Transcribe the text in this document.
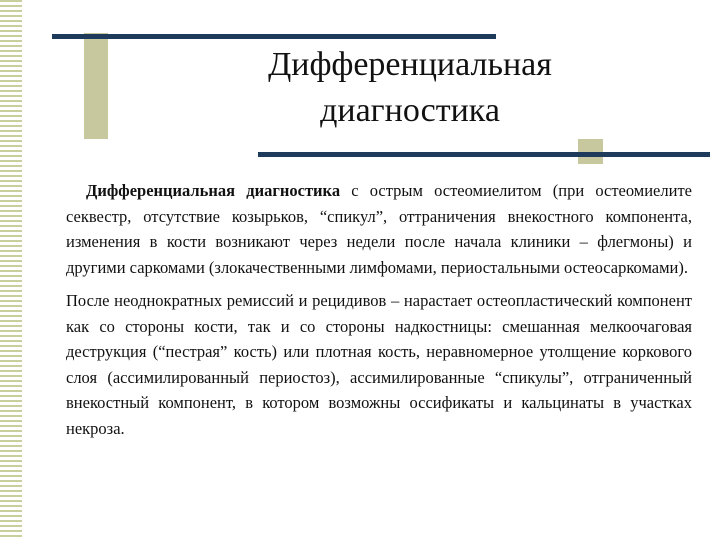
Дифференциальная
диагностика

Дифференциальная диагностика с острым остеомиелитом (при остеомиелите секвестр, отсутствие козырьков, “спикул”, оттраничения внекостного компонента, изменения в кости возникают через недели после начала клиники – флегмоны) и другими саркомами (злокачественными лимфомами, периостальными остеосаркомами).

После неоднократных ремиссий и рецидивов – нарастает остеопластический компонент как со стороны кости, так и со стороны надкостницы: смешанная мелкоочаговая деструкция (“пестрая” кость) или плотная кость, неравномерное утолщение коркового слоя (ассимилированный периостоз), ассимилированные “спикулы”, отграниченный внекостный компонент, в котором возможны оссификаты и кальцинаты в участках некроза.
